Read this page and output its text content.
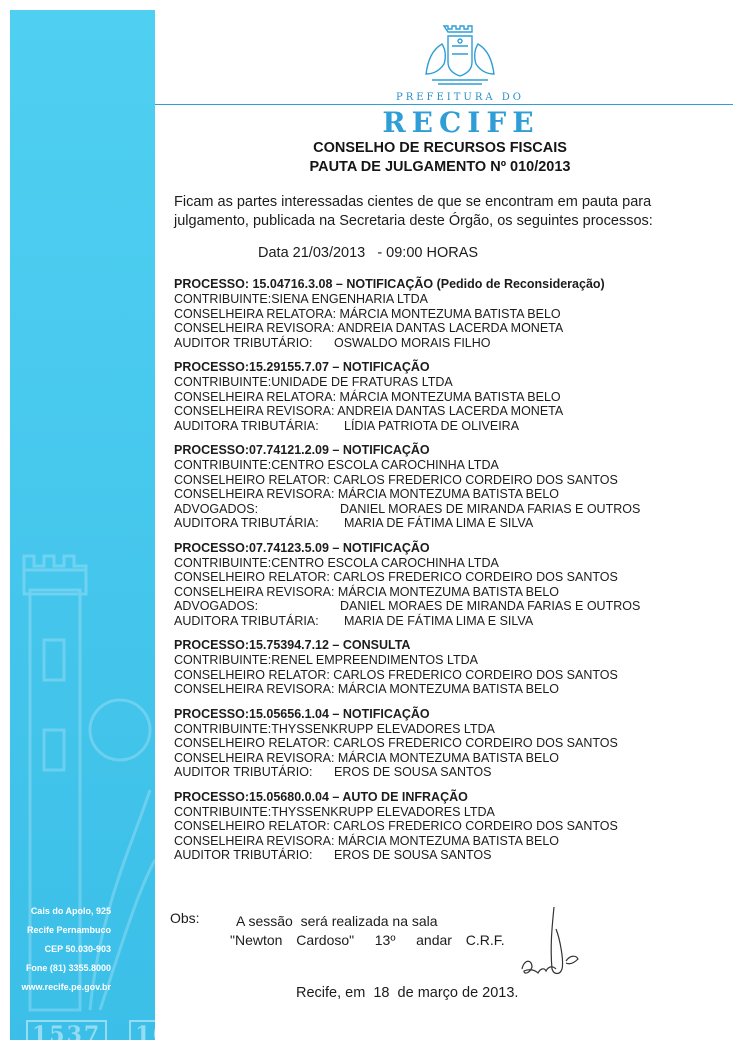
Cais do Apolo, 925
Recife Pernambuco
CEP 50.030-903
Fone (81) 3355.8000
www.recife.pe.gov.br
1537 163
PREFEITURA DO
RECIFE
CONSELHO DE RECURSOS FISCAIS
PAUTA DE JULGAMENTO Nº 010/2013
Ficam as partes interessadas cientes de que se encontram em pauta para julgamento, publicada na Secretaria deste Órgão, os seguintes processos:
Data 21/03/2013   - 09:00 HORAS
PROCESSO: 15.04716.3.08 – NOTIFICAÇÃO (Pedido de Reconsideração)
CONTRIBUINTE:SIENA ENGENHARIA LTDA
CONSELHEIRA RELATORA: MÁRCIA MONTEZUMA BATISTA BELO
CONSELHEIRA REVISORA: ANDREIA DANTAS LACERDA MONETA
AUDITOR TRIBUTÁRIO: OSWALDO MORAIS FILHO
PROCESSO:15.29155.7.07 – NOTIFICAÇÃO
CONTRIBUINTE:UNIDADE DE FRATURAS LTDA
CONSELHEIRA RELATORA: MÁRCIA MONTEZUMA BATISTA BELO
CONSELHEIRA REVISORA: ANDREIA DANTAS LACERDA MONETA
AUDITORA TRIBUTÁRIA: LÍDIA PATRIOTA DE OLIVEIRA
PROCESSO:07.74121.2.09 – NOTIFICAÇÃO
CONTRIBUINTE:CENTRO ESCOLA CAROCHINHA LTDA
CONSELHEIRO RELATOR: CARLOS FREDERICO CORDEIRO DOS SANTOS
CONSELHEIRA REVISORA: MÁRCIA MONTEZUMA BATISTA BELO
ADVOGADOS:	DANIEL MORAES DE MIRANDA FARIAS E OUTROS
AUDITORA TRIBUTÁRIA: MARIA DE FÁTIMA LIMA E SILVA
PROCESSO:07.74123.5.09 – NOTIFICAÇÃO
CONTRIBUINTE:CENTRO ESCOLA CAROCHINHA LTDA
CONSELHEIRO RELATOR: CARLOS FREDERICO CORDEIRO DOS SANTOS
CONSELHEIRA REVISORA: MÁRCIA MONTEZUMA BATISTA BELO
ADVOGADOS:	DANIEL MORAES DE MIRANDA FARIAS E OUTROS
AUDITORA TRIBUTÁRIA: MARIA DE FÁTIMA LIMA E SILVA
PROCESSO:15.75394.7.12 – CONSULTA
CONTRIBUINTE:RENEL EMPREENDIMENTOS LTDA
CONSELHEIRO RELATOR: CARLOS FREDERICO CORDEIRO DOS SANTOS
CONSELHEIRA REVISORA: MÁRCIA MONTEZUMA BATISTA BELO
PROCESSO:15.05656.1.04 – NOTIFICAÇÃO
CONTRIBUINTE:THYSSENKRUPP ELEVADORES LTDA
CONSELHEIRO RELATOR: CARLOS FREDERICO CORDEIRO DOS SANTOS
CONSELHEIRA REVISORA: MÁRCIA MONTEZUMA BATISTA BELO
AUDITOR TRIBUTÁRIO: EROS DE SOUSA SANTOS
PROCESSO:15.05680.0.04 – AUTO DE INFRAÇÃO
CONTRIBUINTE:THYSSENKRUPP ELEVADORES LTDA
CONSELHEIRO RELATOR: CARLOS FREDERICO CORDEIRO DOS SANTOS
CONSELHEIRA REVISORA: MÁRCIA MONTEZUMA BATISTA BELO
AUDITOR TRIBUTÁRIO: EROS DE SOUSA SANTOS
Obs:	A sessão  será realizada na sala
"Newton  Cardoso"   13º   andar  C.R.F.
Recife, em  18  de março de 2013.
